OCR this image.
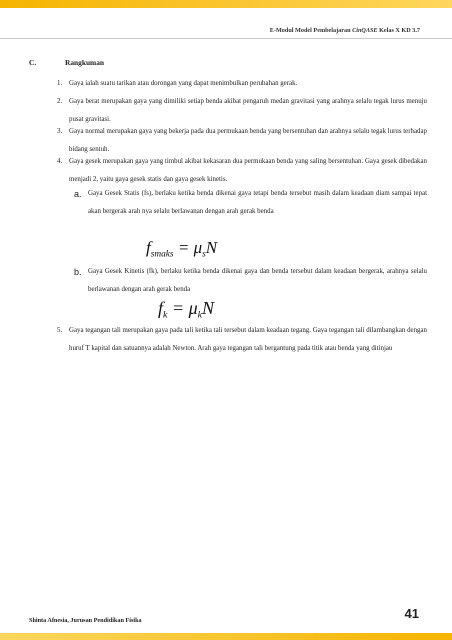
E-Modul Model Pembelajaran CinQASE Kelas X KD 3.7
C.	Rangkuman
1. Gaya ialah suatu tarikan atau dorongan yang dapat menimbulkan perubahan gerak.
2. Gaya berat merupakan gaya yang dimiliki setiap benda akibat pengaruh medan gravitasi yang arahnya selalu tegak lurus menuju pusat gravitasi.
3. Gaya normal merupakan gaya yang bekerja pada dua permukaan benda yang bersentuhan dan arahnya selalu tegak lurus terhadap bidang sentuh.
4. Gaya gesek merupakan gaya yang timbul akibat kekasaran dua permukaan benda yang saling bersentuhan. Gaya gesek dibedakan menjadi 2, yaitu gaya gesek statis dan gaya gesek kinetis.
a. Gaya Gesek Statis (fs), berlaku ketika benda dikenai gaya tetapi benda tersebut masih dalam keadaan diam sampai tepat akan bergerak arah nya selalu berlawanan dengan arah gerak benda
$f_{smaks} = \mu_sN$
b. Gaya Gesek Kinetis (fk), berlaku ketika benda dikenai gaya dan benda tersebut dalam keadaan bergerak, arahnya selalu berlawanan dengan arah gerak benda
$f_k = \mu_kN$
5. Gaya tegangan tali merupakan gaya pada tali ketika tali tersebut dalam keadaan tegang. Gaya tegangan tali dilambangkan dengan huruf T kapital dan satuannya adalah Newton. Arah gaya tegangan tali bergantung pada titik atau benda yang ditinjau
Shinta Afnesia, Jurusan Pendidikan Fisika	41
